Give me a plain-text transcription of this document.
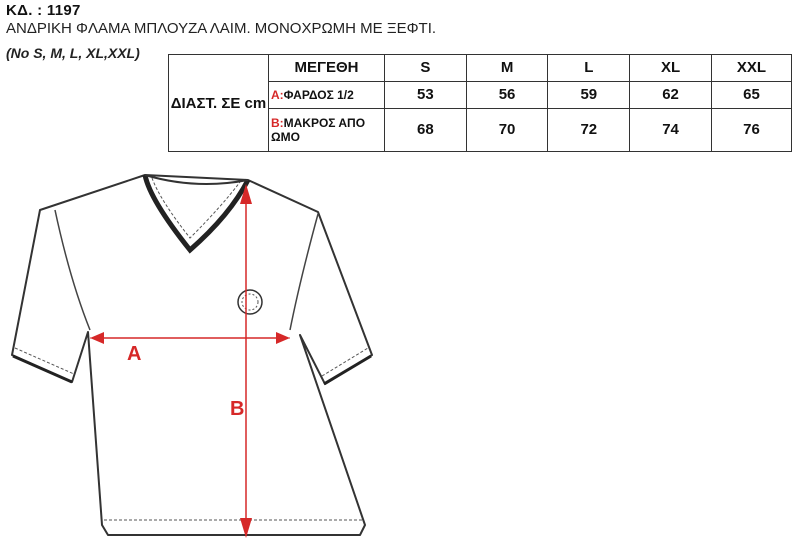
ΚΔ. : 1197
ΑΝΔΡΙΚΗ ΦΛΑΜΑ ΜΠΛΟΥΖΑ ΛΑΙΜ. ΜΟΝΟΧΡΩΜΗ ΜΕ ΞΕΦΤΙ.
(No S, M, L, XL,XXL)
ΔΙΑΣΤ. ΣΕ cm	ΜΕΓΕΘΗ	S	M	L	XL	XXL
	A:ΦΑΡΔΟΣ 1/2	53	56	59	62	65
	B:ΜΑΚΡΟΣ ΑΠΟ ΩΜΟ	68	70	72	74	76
A
B
